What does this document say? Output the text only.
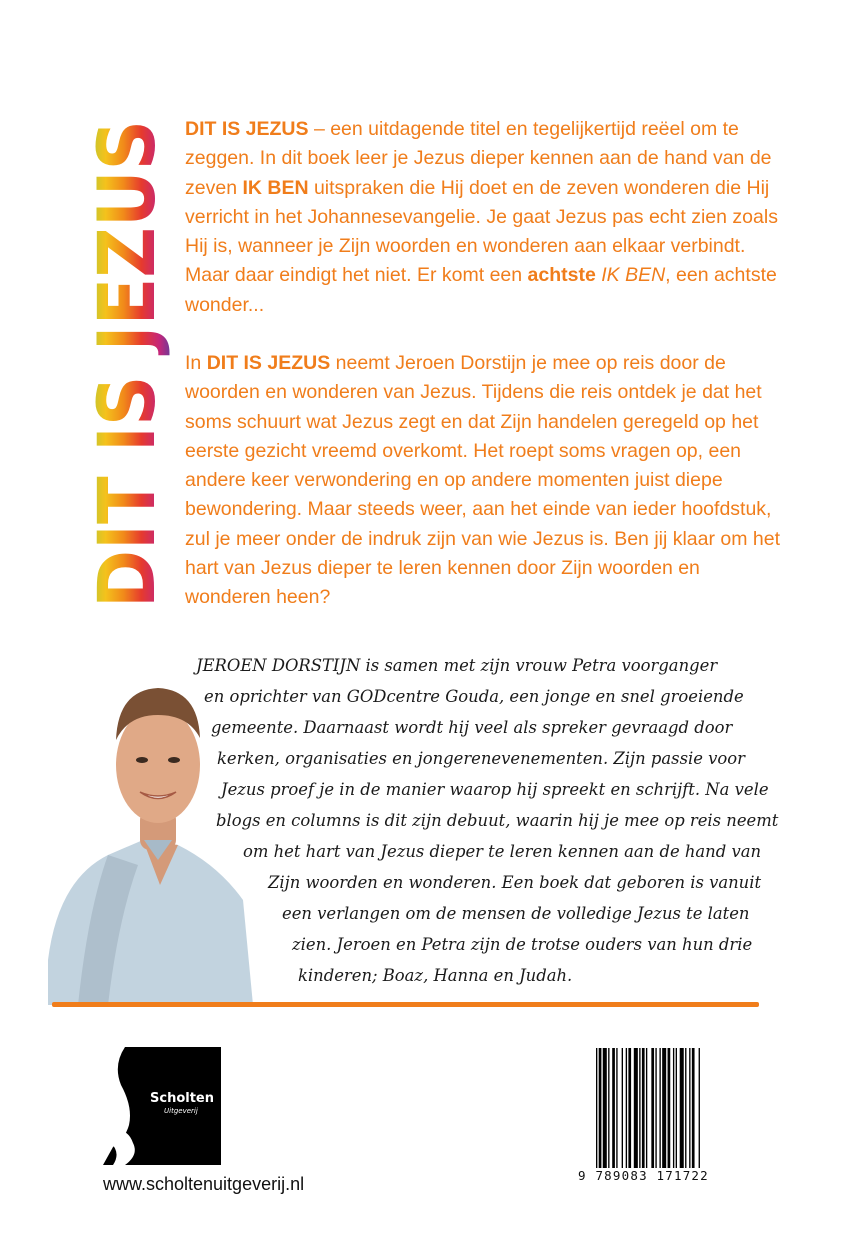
DIT IS JEZUS DIT IS JEZUS – een uitdagende titel en tegelijkertijd reëel om te zeggen. In dit boek leer je Jezus dieper kennen aan de hand van de zeven IK BEN uitspraken die Hij doet en de zeven wonderen die Hij verricht in het Johannesevangelie. Je gaat Jezus pas echt zien zoals Hij is, wanneer je Zijn woorden en wonderen aan elkaar verbindt. Maar daar eindigt het niet. Er komt een achtste IK BEN, een achtste wonder...

In DIT IS JEZUS neemt Jeroen Dorstijn je mee op reis door de woorden en wonderen van Jezus. Tijdens die reis ontdek je dat het soms schuurt wat Jezus zegt en dat Zijn handelen geregeld op het eerste gezicht vreemd overkomt. Het roept soms vragen op, een andere keer verwondering en op andere momenten juist diepe bewondering. Maar steeds weer, aan het einde van ieder hoofdstuk, zul je meer onder de indruk zijn van wie Jezus is. Ben jij klaar om het hart van Jezus dieper te leren kennen door Zijn woorden en wonderen heen?

JEROEN DORSTIJN is samen met zijn vrouw Petra voorganger
en oprichter van GODcentre Gouda, een jonge en snel groeiende
gemeente. Daarnaast wordt hij veel als spreker gevraagd door
kerken, organisaties en jongerenevenementen. Zijn passie voor
Jezus proef je in de manier waarop hij spreekt en schrijft. Na vele
blogs en columns is dit zijn debuut, waarin hij je mee op reis neemt
om het hart van Jezus dieper te leren kennen aan de hand van
Zijn woorden en wonderen. Een boek dat geboren is vanuit
een verlangen om de mensen de volledige Jezus te laten
zien. Jeroen en Petra zijn de trotse ouders van hun drie
kinderen; Boaz, Hanna en Judah.
Scholten
Uitgeverij
www.scholtenuitgeverij.nl	9 789083 171722
